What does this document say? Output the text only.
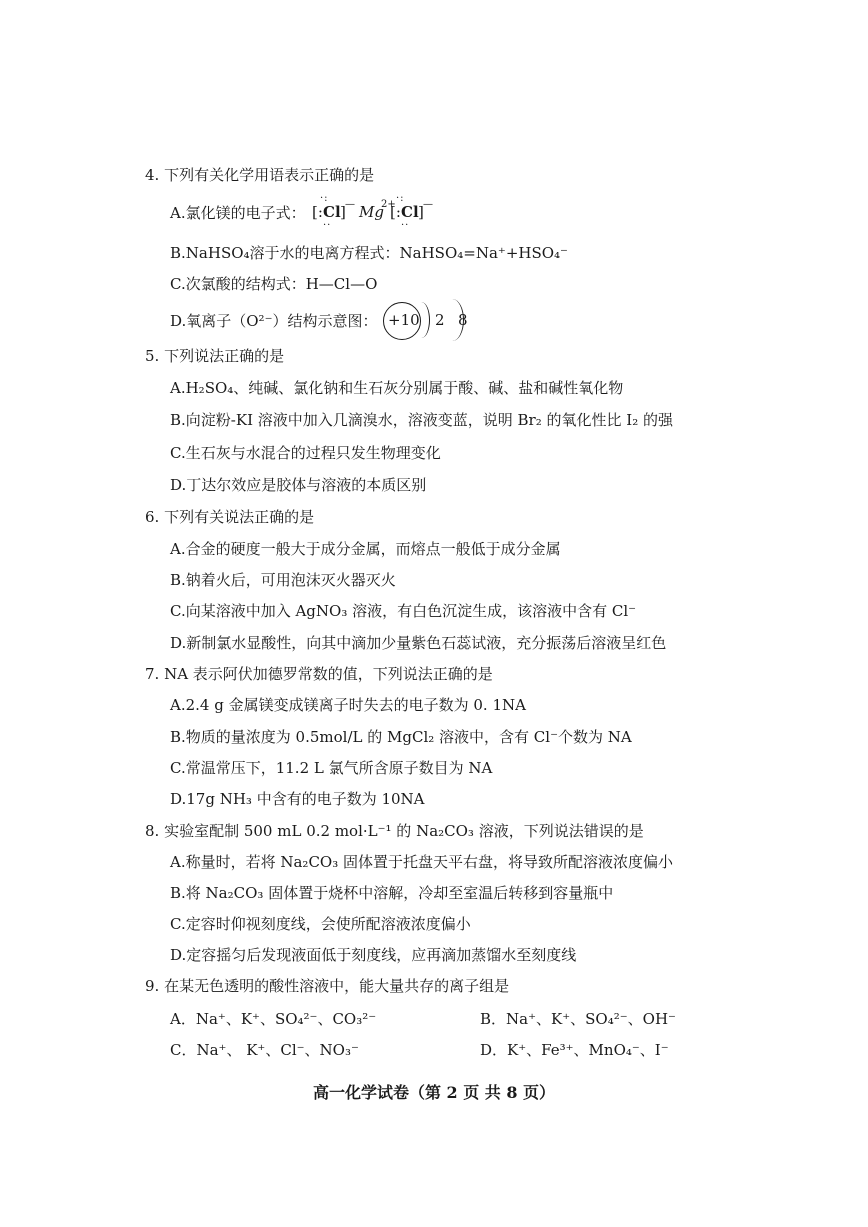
4. 下列有关化学用语表示正确的是
A.氯化镁的电子式：
·:
[: Cl ] —
··
Mg
2+
·:
[: Cl ] —
··
B.NaHSO₄溶于水的电离方程式：NaHSO₄=Na⁺+HSO₄⁻
C.次氯酸的结构式：H—Cl—O
D.氧离子（O²⁻）结构示意图： +10 2 8
5. 下列说法正确的是
A.H₂SO₄、纯碱、氯化钠和生石灰分别属于酸、碱、盐和碱性氧化物
B.向淀粉-KI 溶液中加入几滴溴水，溶液变蓝，说明 Br₂ 的氧化性比 I₂ 的强
C.生石灰与水混合的过程只发生物理变化
D.丁达尔效应是胶体与溶液的本质区别
6. 下列有关说法正确的是
A.合金的硬度一般大于成分金属，而熔点一般低于成分金属
B.钠着火后，可用泡沫灭火器灭火
C.向某溶液中加入 AgNO₃ 溶液，有白色沉淀生成，该溶液中含有 Cl⁻
D.新制氯水显酸性，向其中滴加少量紫色石蕊试液，充分振荡后溶液呈红色
7. NA 表示阿伏加德罗常数的值，下列说法正确的是
A.2.4 g 金属镁变成镁离子时失去的电子数为 0. 1NA
B.物质的量浓度为 0.5mol/L 的 MgCl₂ 溶液中，含有 Cl⁻个数为 NA
C.常温常压下，11.2 L 氯气所含原子数目为 NA
D.17g NH₃ 中含有的电子数为 10NA
8. 实验室配制 500 mL 0.2 mol·L⁻¹ 的 Na₂CO₃ 溶液，下列说法错误的是
A.称量时，若将 Na₂CO₃ 固体置于托盘天平右盘，将导致所配溶液浓度偏小
B.将 Na₂CO₃ 固体置于烧杯中溶解，冷却至室温后转移到容量瓶中
C.定容时仰视刻度线，会使所配溶液浓度偏小
D.定容摇匀后发现液面低于刻度线，应再滴加蒸馏水至刻度线
9. 在某无色透明的酸性溶液中，能大量共存的离子组是
A．Na⁺、K⁺、SO₄²⁻、CO₃²⁻	B．Na⁺、K⁺、SO₄²⁻、OH⁻
C．Na⁺、 K⁺、Cl⁻、NO₃⁻	D．K⁺、Fe³⁺、MnO₄⁻、I⁻
高一化学试卷（第 2 页 共 8 页）
